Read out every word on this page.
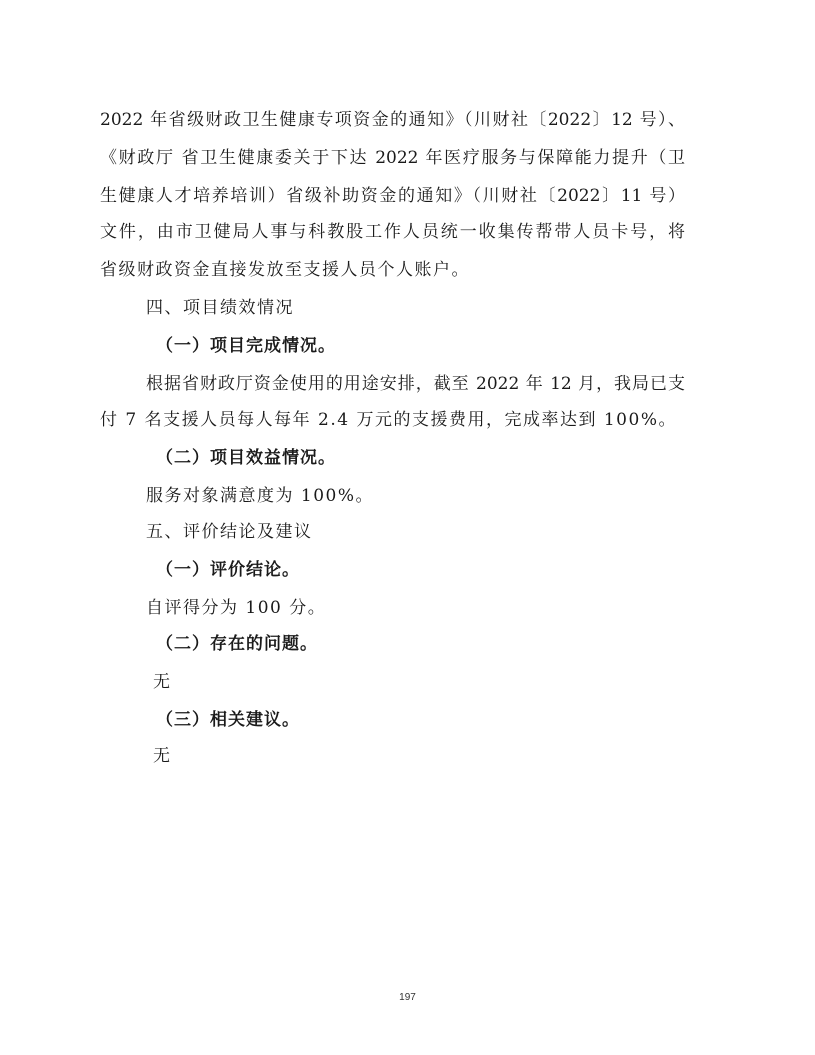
2022 年省级财政卫生健康专项资金的通知》（川财社〔2022〕12 号）、
《财政厅 省卫生健康委关于下达 2022 年医疗服务与保障能力提升（卫
生健康人才培养培训）省级补助资金的通知》（川财社〔2022〕11 号）
文件，由市卫健局人事与科教股工作人员统一收集传帮带人员卡号，将
省级财政资金直接发放至支援人员个人账户。
四、项目绩效情况
（一）项目完成情况。
根据省财政厅资金使用的用途安排，截至 2022 年 12 月，我局已支
付 7 名支援人员每人每年 2.4 万元的支援费用，完成率达到 100%。
（二）项目效益情况。
服务对象满意度为 100%。
五、评价结论及建议
（一）评价结论。
自评得分为 100 分。
（二）存在的问题。
无
（三）相关建议。
无
197
